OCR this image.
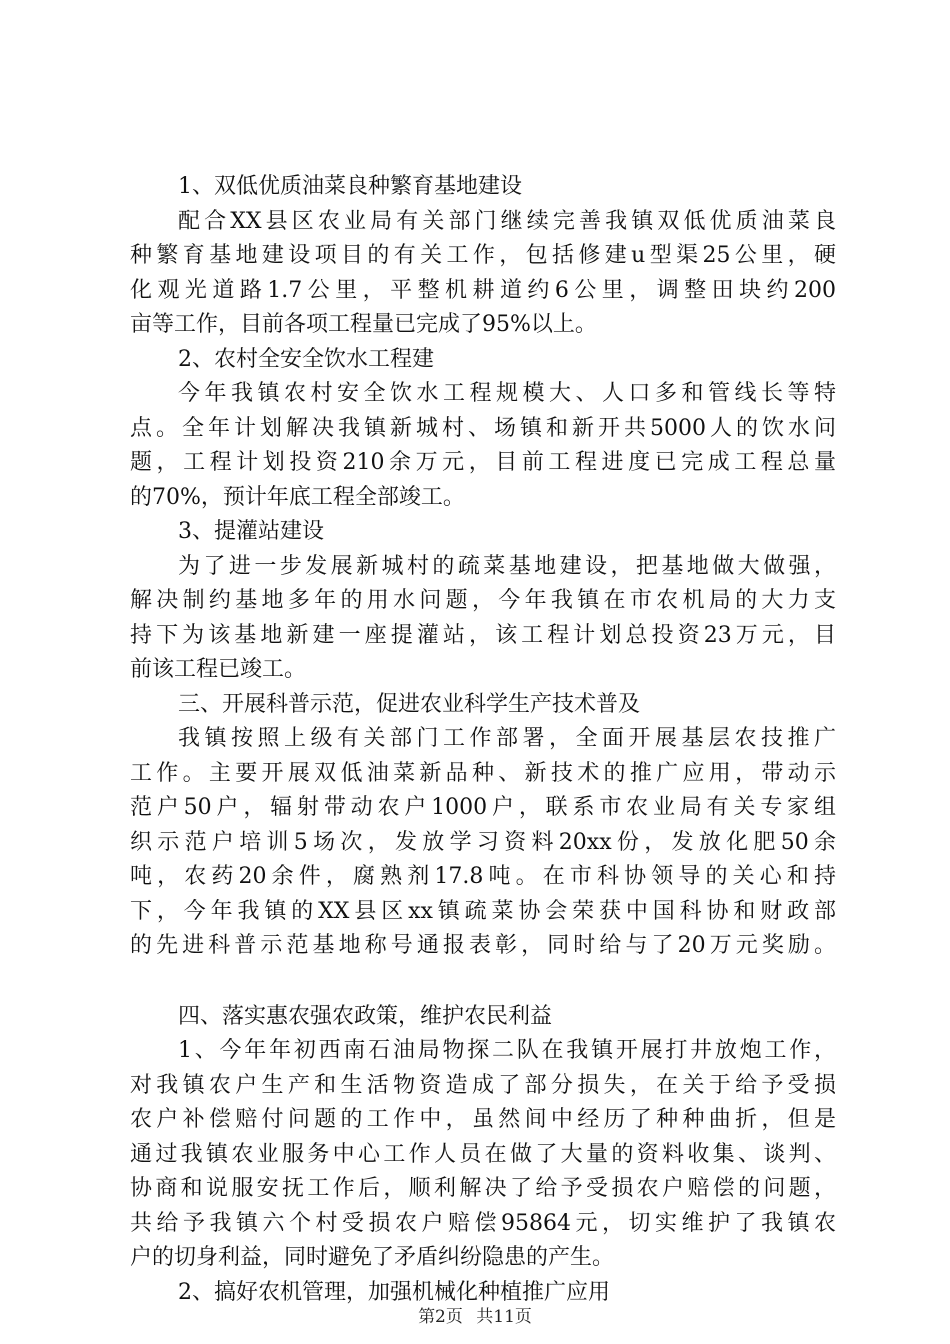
1、双低优质油菜良种繁育基地建设
配合XX县区农业局有关部门继续完善我镇双低优质油菜良
种繁育基地建设项目的有关工作，包括修建u型渠25公里，硬
化观光道路1.7公里，平整机耕道约6公里，调整田块约200
亩等工作，目前各项工程量已完成了95%以上。
2、农村全安全饮水工程建
今年我镇农村安全饮水工程规模大、人口多和管线长等特
点。全年计划解决我镇新城村、场镇和新开共5000人的饮水问
题，工程计划投资210余万元，目前工程进度已完成工程总量
的70%，预计年底工程全部竣工。
3、提灌站建设
为了进一步发展新城村的疏菜基地建设，把基地做大做强，
解决制约基地多年的用水问题，今年我镇在市农机局的大力支
持下为该基地新建一座提灌站，该工程计划总投资23万元，目
前该工程已竣工。
三、开展科普示范，促进农业科学生产技术普及
我镇按照上级有关部门工作部署，全面开展基层农技推广
工作。主要开展双低油菜新品种、新技术的推广应用，带动示
范户50户，辐射带动农户1000户，联系市农业局有关专家组
织示范户培训5场次，发放学习资料20xx份，发放化肥50余
吨，农药20余件，腐熟剂17.8吨。在市科协领导的关心和持
下，今年我镇的XX县区xx镇疏菜协会荣获中国科协和财政部
的先进科普示范基地称号通报表彰，同时给与了20万元奖励。
四、落实惠农强农政策，维护农民利益
1、今年年初西南石油局物探二队在我镇开展打井放炮工作，
对我镇农户生产和生活物资造成了部分损失，在关于给予受损
农户补偿赔付问题的工作中，虽然间中经历了种种曲折，但是
通过我镇农业服务中心工作人员在做了大量的资料收集、谈判、
协商和说服安抚工作后，顺利解决了给予受损农户赔偿的问题，
共给予我镇六个村受损农户赔偿95864元，切实维护了我镇农
户的切身利益，同时避免了矛盾纠纷隐患的产生。
2、搞好农机管理，加强机械化种植推广应用
第2页 共11页
